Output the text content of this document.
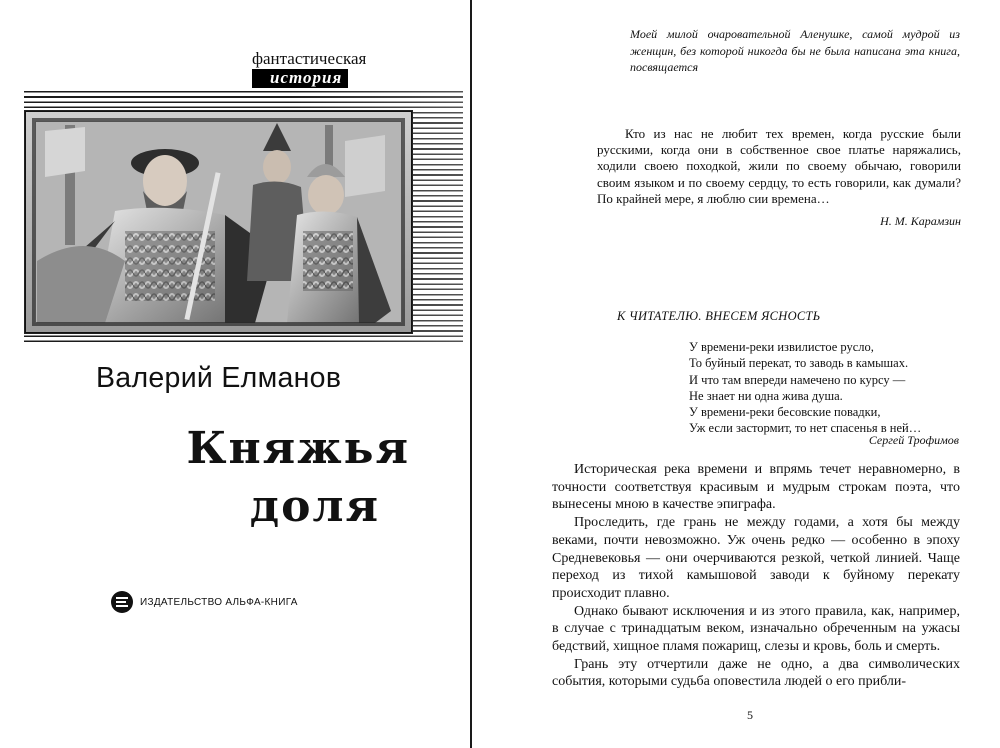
фантастическая
история
Валерий Елманов
Княжья
доля
ИЗДАТЕЛЬСТВО АЛЬФА-КНИГА
Моей милой очаровательной Аленушке, самой мудрой из женщин, без которой никогда бы не была написана эта книга, посвящается
Кто из нас не любит тех времен, когда русские были русскими, когда они в собственное свое платье наряжались, ходили своею походкой, жили по своему обычаю, говорили своим языком и по своему сердцу, то есть говорили, как думали? По крайней мере, я люблю сии времена…
Н. М. Карамзин
К ЧИТАТЕЛЮ. ВНЕСЕМ ЯСНОСТЬ
У времени-реки извилистое русло,
То буйный перекат, то заводь в камышах.
И что там впереди намечено по курсу —
Не знает ни одна жива душа.
У времени-реки бесовские повадки,
Уж если застормит, то нет спасенья в ней…
Сергей Трофимов

Историческая река времени и впрямь течет неравномерно, в точности соответствуя красивым и мудрым строкам поэта, что вынесены мною в качестве эпиграфа.

Проследить, где грань не между годами, а хотя бы между веками, почти невозможно. Уж очень редко — особенно в эпоху Средневековья — они очерчиваются резкой, четкой линией. Чаще переход из тихой камышовой заводи к буйному перекату происходит плавно.

Однако бывают исключения и из этого правила, как, например, в случае с тринадцатым веком, изначально обреченным на ужасы бедствий, хищное пламя пожарищ, слезы и кровь, боль и смерть.

Грань эту отчертили даже не одно, а два символических события, которыми судьба оповестила людей о его прибли-

5
